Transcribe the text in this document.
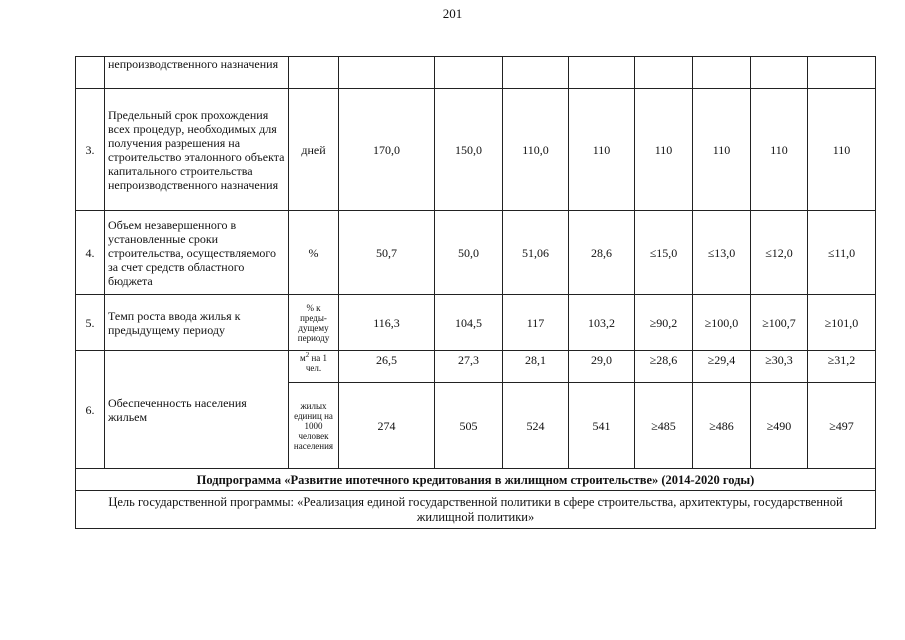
201
	непроизводственного назначения									
3.	Предельный срок прохождения всех процедур, необходимых для получения разрешения на строительство эталонного объекта капитального строительства непроизводственного назначения	дней	170,0	150,0	110,0	110	110	110	110	110
4.	Объем незавершенного в установленные сроки строительства, осуществляемого за счет средств областного бюджета	%	50,7	50,0	51,06	28,6	≤15,0	≤13,0	≤12,0	≤11,0
5.	Темп роста ввода жилья к предыдущему периоду	% к преды-дущему периоду	116,3	104,5	117	103,2	≥90,2	≥100,0	≥100,7	≥101,0
6.	Обеспеченность населения жильем	$м^2$ на 1 чел.	26,5	27,3	28,1	29,0	≥28,6	≥29,4	≥30,3	≥31,2
		жилых единиц на 1000 человек населения	274	505	524	541	≥485	≥486	≥490	≥497
Подпрограмма «Развитие ипотечного кредитования в жилищном строительстве» (2014-2020 годы)										
Цель государственной программы: «Реализация единой государственной политики в сфере строительства, архитектуры, государственной жилищной политики»										
